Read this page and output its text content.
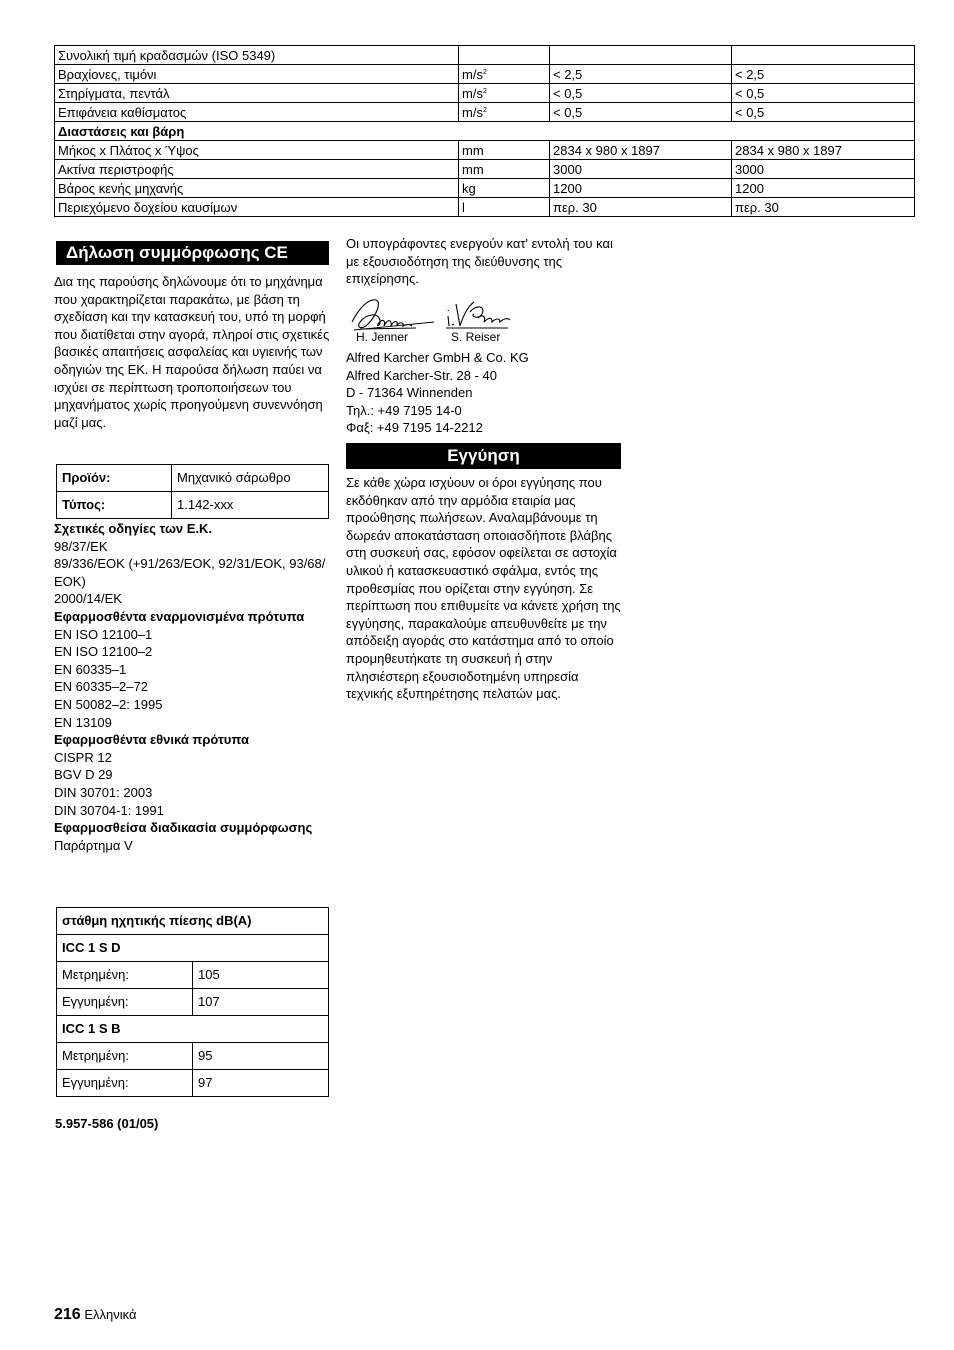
Συνολική τιμή κραδασμών (ISO 5349)			
Βραχίονες, τιμόνι	$m/s^2$	< 2,5	< 2,5
Στηρίγματα, πεντάλ	$m/s^2$	< 0,5	< 0,5
Επιφάνεια καθίσματος	$m/s^2$	< 0,5	< 0,5
Διαστάσεις και βάρη			
Μήκος x Πλάτος x Ύψος	mm	2834 x 980 x 1897	2834 x 980 x 1897
Ακτίνα περιστροφής	mm	3000	3000
Βάρος κενής μηχανής	kg	1200	1200
Περιεχόμενο δοχείου καυσίμων	l	περ. 30	περ. 30
Δήλωση συμμόρφωσης CE
Δια της παρούσης δηλώνουμε ότι το μηχάνημα που χαρακτηρίζεται παρακάτω, με βάση τη σχεδίαση και την κατασκευή του, υπό τη μορφή που διατίθεται στην αγορά, πληροί στις σχετικές βασικές απαιτήσεις ασφαλείας και υγιεινής των οδηγιών της ΕΚ. Η παρούσα δήλωση παύει να ισχύει σε περίπτωση τροποποιήσεων του μηχανήματος χωρίς προηγούμενη συνεννόηση μαζί μας.
Προϊόν:	Μηχανικό σάρωθρο
Τύπος:	1.142-xxx
Σχετικές οδηγίες των Ε.Κ.
98/37/ΕΚ
89/336/ΕΟΚ (+91/263/ΕΟΚ, 92/31/ΕΟΚ, 93/68/ΕΟΚ)
2000/14/ΕΚ
Εφαρμοσθέντα εναρμονισμένα πρότυπα
EN ISO 12100–1
EN ISO 12100–2
EN 60335–1
EN 60335–2–72
EN 50082–2: 1995
EN 13109
Εφαρμοσθέντα εθνικά πρότυπα
CISPR 12
BGV D 29
DIN 30701: 2003
DIN 30704-1: 1991
Εφαρμοσθείσα διαδικασία συμμόρφωσης
Παράρτημα V
στάθμη ηχητικής πίεσης dB(A)	
ICC 1 S D	
Μετρημένη:	105
Εγγυημένη:	107
ICC 1 S B	
Μετρημένη:	95
Εγγυημένη:	97
5.957-586 (01/05)
Οι υπογράφοντες ενεργούν κατ' εντολή του και με εξουσιοδότηση της διεύθυνσης της επιχείρησης.
H. Jenner	S. Reiser
Alfred Karcher GmbH & Co. KG
Alfred Karcher-Str. 28 - 40
D - 71364 Winnenden
Τηλ.: +49 7195 14-0
Φαξ: +49 7195 14-2212
Εγγύηση
Σε κάθε χώρα ισχύουν οι όροι εγγύησης που εκδόθηκαν από την αρμόδια εταιρία μας προώθησης πωλήσεων. Αναλαμβάνουμε τη δωρεάν αποκατάσταση οποιασδήποτε βλάβης στη συσκευή σας, εφόσον οφείλεται σε αστοχία υλικού ή κατασκευαστικό σφάλμα, εντός της προθεσμίας που ορίζεται στην εγγύηση. Σε περίπτωση που επιθυμείτε να κάνετε χρήση της εγγύησης, παρακαλούμε απευθυνθείτε με την απόδειξη αγοράς στο κατάστημα από το οποίο προμηθευτήκατε τη συσκευή ή στην πλησιέστερη εξουσιοδοτημένη υπηρεσία τεχνικής εξυπηρέτησης πελατών μας.
216 Ελληνικά
